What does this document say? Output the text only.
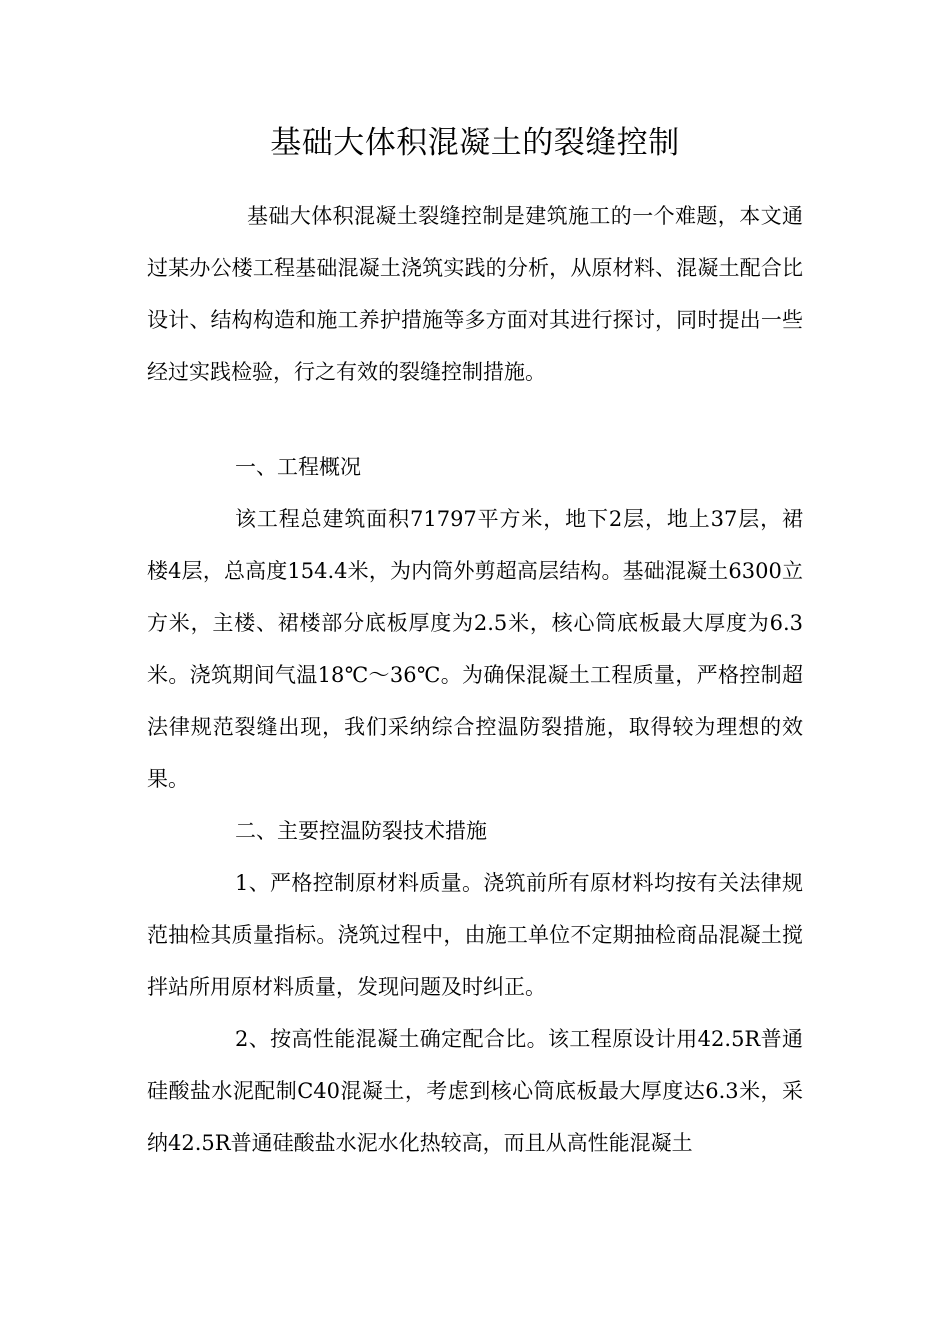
基础大体积混凝土的裂缝控制

基础大体积混凝土裂缝控制是建筑施工的一个难题，本文通过某办公楼工程基础混凝土浇筑实践的分析，从原材料、混凝土配合比设计、结构构造和施工养护措施等多方面对其进行探讨，同时提出一些经过实践检验，行之有效的裂缝控制措施。

一、工程概况

该工程总建筑面积71797平方米，地下2层，地上37层，裙楼4层，总高度154.4米，为内筒外剪超高层结构。基础混凝土6300立方米，主楼、裙楼部分底板厚度为2.5米，核心筒底板最大厚度为6.3米。浇筑期间气温18℃～36℃。为确保混凝土工程质量，严格控制超法律规范裂缝出现，我们采纳综合控温防裂措施，取得较为理想的效果。

二、主要控温防裂技术措施

1、严格控制原材料质量。浇筑前所有原材料均按有关法律规范抽检其质量指标。浇筑过程中，由施工单位不定期抽检商品混凝土搅拌站所用原材料质量，发现问题及时纠正。

2、按高性能混凝土确定配合比。该工程原设计用42.5R普通硅酸盐水泥配制C40混凝土，考虑到核心筒底板最大厚度达6.3米，采纳42.5R普通硅酸盐水泥水化热较高，而且从高性能混凝土
